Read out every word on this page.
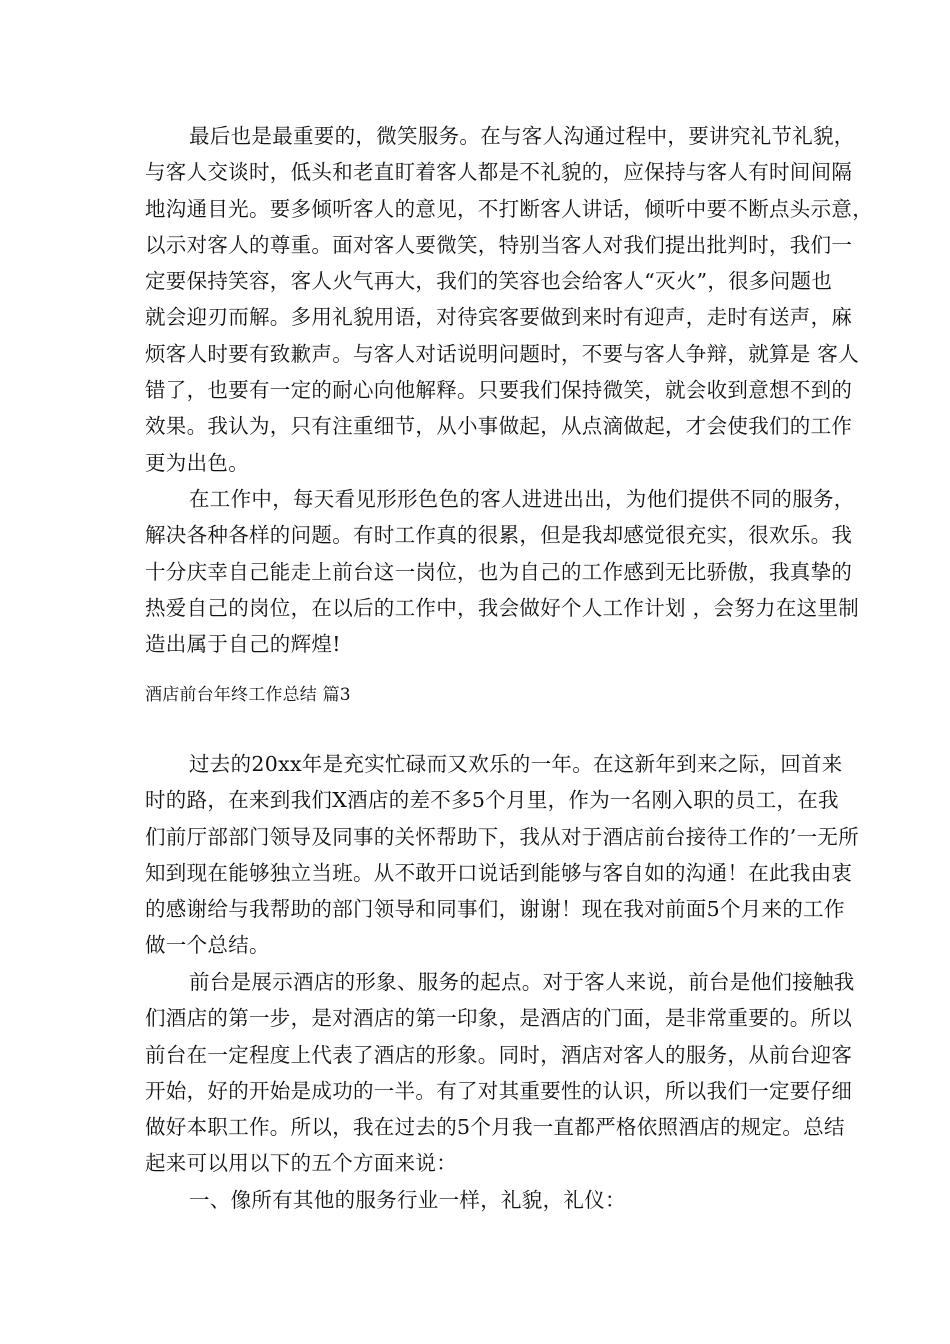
最后也是最重要的，微笑服务。在与客人沟通过程中，要讲究礼节礼貌，
与客人交谈时，低头和老直盯着客人都是不礼貌的，应保持与客人有时间间隔
地沟通目光。要多倾听客人的意见，不打断客人讲话，倾听中要不断点头示意，
以示对客人的尊重。面对客人要微笑，特别当客人对我们提出批判时，我们一
定要保持笑容，客人火气再大，我们的笑容也会给客人“灭火”，很多问题也
就会迎刃而解。多用礼貌用语，对待宾客要做到来时有迎声，走时有送声，麻
烦客人时要有致歉声。与客人对话说明问题时，不要与客人争辩，就算是 客人
错了，也要有一定的耐心向他解释。只要我们保持微笑，就会收到意想不到的
效果。我认为，只有注重细节，从小事做起，从点滴做起，才会使我们的工作
更为出色。
在工作中，每天看见形形色色的客人进进出出，为他们提供不同的服务，
解决各种各样的问题。有时工作真的很累，但是我却感觉很充实，很欢乐。我
十分庆幸自己能走上前台这一岗位，也为自己的工作感到无比骄傲，我真挚的
热爱自己的岗位，在以后的工作中，我会做好个人工作计划 ，会努力在这里制
造出属于自己的辉煌!
酒店前台年终工作总结 篇3
过去的20xx年是充实忙碌而又欢乐的一年。在这新年到来之际，回首来
时的路，在来到我们X酒店的差不多5个月里，作为一名刚入职的员工，在我
们前厅部部门领导及同事的关怀帮助下，我从对于酒店前台接待工作的’一无所
知到现在能够独立当班。从不敢开口说话到能够与客自如的沟通！在此我由衷
的感谢给与我帮助的部门领导和同事们，谢谢！现在我对前面5个月来的工作
做一个总结。
前台是展示酒店的形象、服务的起点。对于客人来说，前台是他们接触我
们酒店的第一步，是对酒店的第一印象，是酒店的门面，是非常重要的。所以
前台在一定程度上代表了酒店的形象。同时，酒店对客人的服务，从前台迎客
开始，好的开始是成功的一半。有了对其重要性的认识，所以我们一定要仔细
做好本职工作。所以，我在过去的5个月我一直都严格依照酒店的规定。总结
起来可以用以下的五个方面来说：
一、像所有其他的服务行业一样，礼貌，礼仪：
